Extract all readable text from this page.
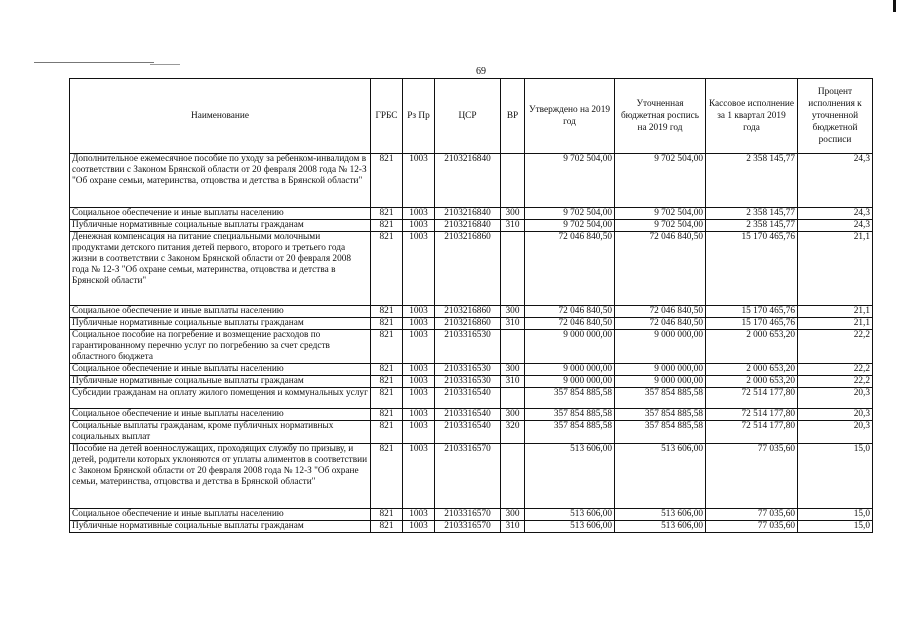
69
Наименование	ГРБС	Рз Пр	ЦСР	ВР	Утверждено на 2019 год	Уточненная бюджетная роспись на 2019 год	Кассовое исполнение за 1 квартал 2019 года	Процент исполнения к уточненной бюджетной росписи
Дополнительное ежемесячное пособие по уходу за ребенком-инвалидом в соответствии с Законом Брянской области от 20 февраля 2008 года № 12-З "Об охране семьи, материнства, отцовства и детства в Брянской области"	821	1003	2103216840		9 702 504,00	9 702 504,00	2 358 145,77	24,3
Социальное обеспечение и иные выплаты населению	821	1003	2103216840	300	9 702 504,00	9 702 504,00	2 358 145,77	24,3
Публичные нормативные социальные выплаты гражданам	821	1003	2103216840	310	9 702 504,00	9 702 504,00	2 358 145,77	24,3
Денежная компенсация на питание специальными молочными продуктами детского питания детей первого, второго и третьего года жизни в соответствии с Законом Брянской области от 20 февраля 2008 года № 12-З "Об охране семьи, материнства, отцовства и детства в Брянской области"	821	1003	2103216860		72 046 840,50	72 046 840,50	15 170 465,76	21,1
Социальное обеспечение и иные выплаты населению	821	1003	2103216860	300	72 046 840,50	72 046 840,50	15 170 465,76	21,1
Публичные нормативные социальные выплаты гражданам	821	1003	2103216860	310	72 046 840,50	72 046 840,50	15 170 465,76	21,1
Социальное пособие на погребение и возмещение расходов по гарантированному перечню услуг по погребению за счет средств областного бюджета	821	1003	2103316530		9 000 000,00	9 000 000,00	2 000 653,20	22,2
Социальное обеспечение и иные выплаты населению	821	1003	2103316530	300	9 000 000,00	9 000 000,00	2 000 653,20	22,2
Публичные нормативные социальные выплаты гражданам	821	1003	2103316530	310	9 000 000,00	9 000 000,00	2 000 653,20	22,2
Субсидии гражданам на оплату жилого помещения и коммунальных услуг	821	1003	2103316540		357 854 885,58	357 854 885,58	72 514 177,80	20,3
Социальное обеспечение и иные выплаты населению	821	1003	2103316540	300	357 854 885,58	357 854 885,58	72 514 177,80	20,3
Социальные выплаты гражданам, кроме публичных нормативных социальных выплат	821	1003	2103316540	320	357 854 885,58	357 854 885,58	72 514 177,80	20,3
Пособие на детей военнослужащих, проходящих службу по призыву, и детей, родители которых уклоняются от уплаты алиментов в соответствии с Законом Брянской области от 20 февраля 2008 года № 12-З "Об охране семьи, материнства, отцовства и детства в Брянской области"	821	1003	2103316570		513 606,00	513 606,00	77 035,60	15,0
Социальное обеспечение и иные выплаты населению	821	1003	2103316570	300	513 606,00	513 606,00	77 035,60	15,0
Публичные нормативные социальные выплаты гражданам	821	1003	2103316570	310	513 606,00	513 606,00	77 035,60	15,0
